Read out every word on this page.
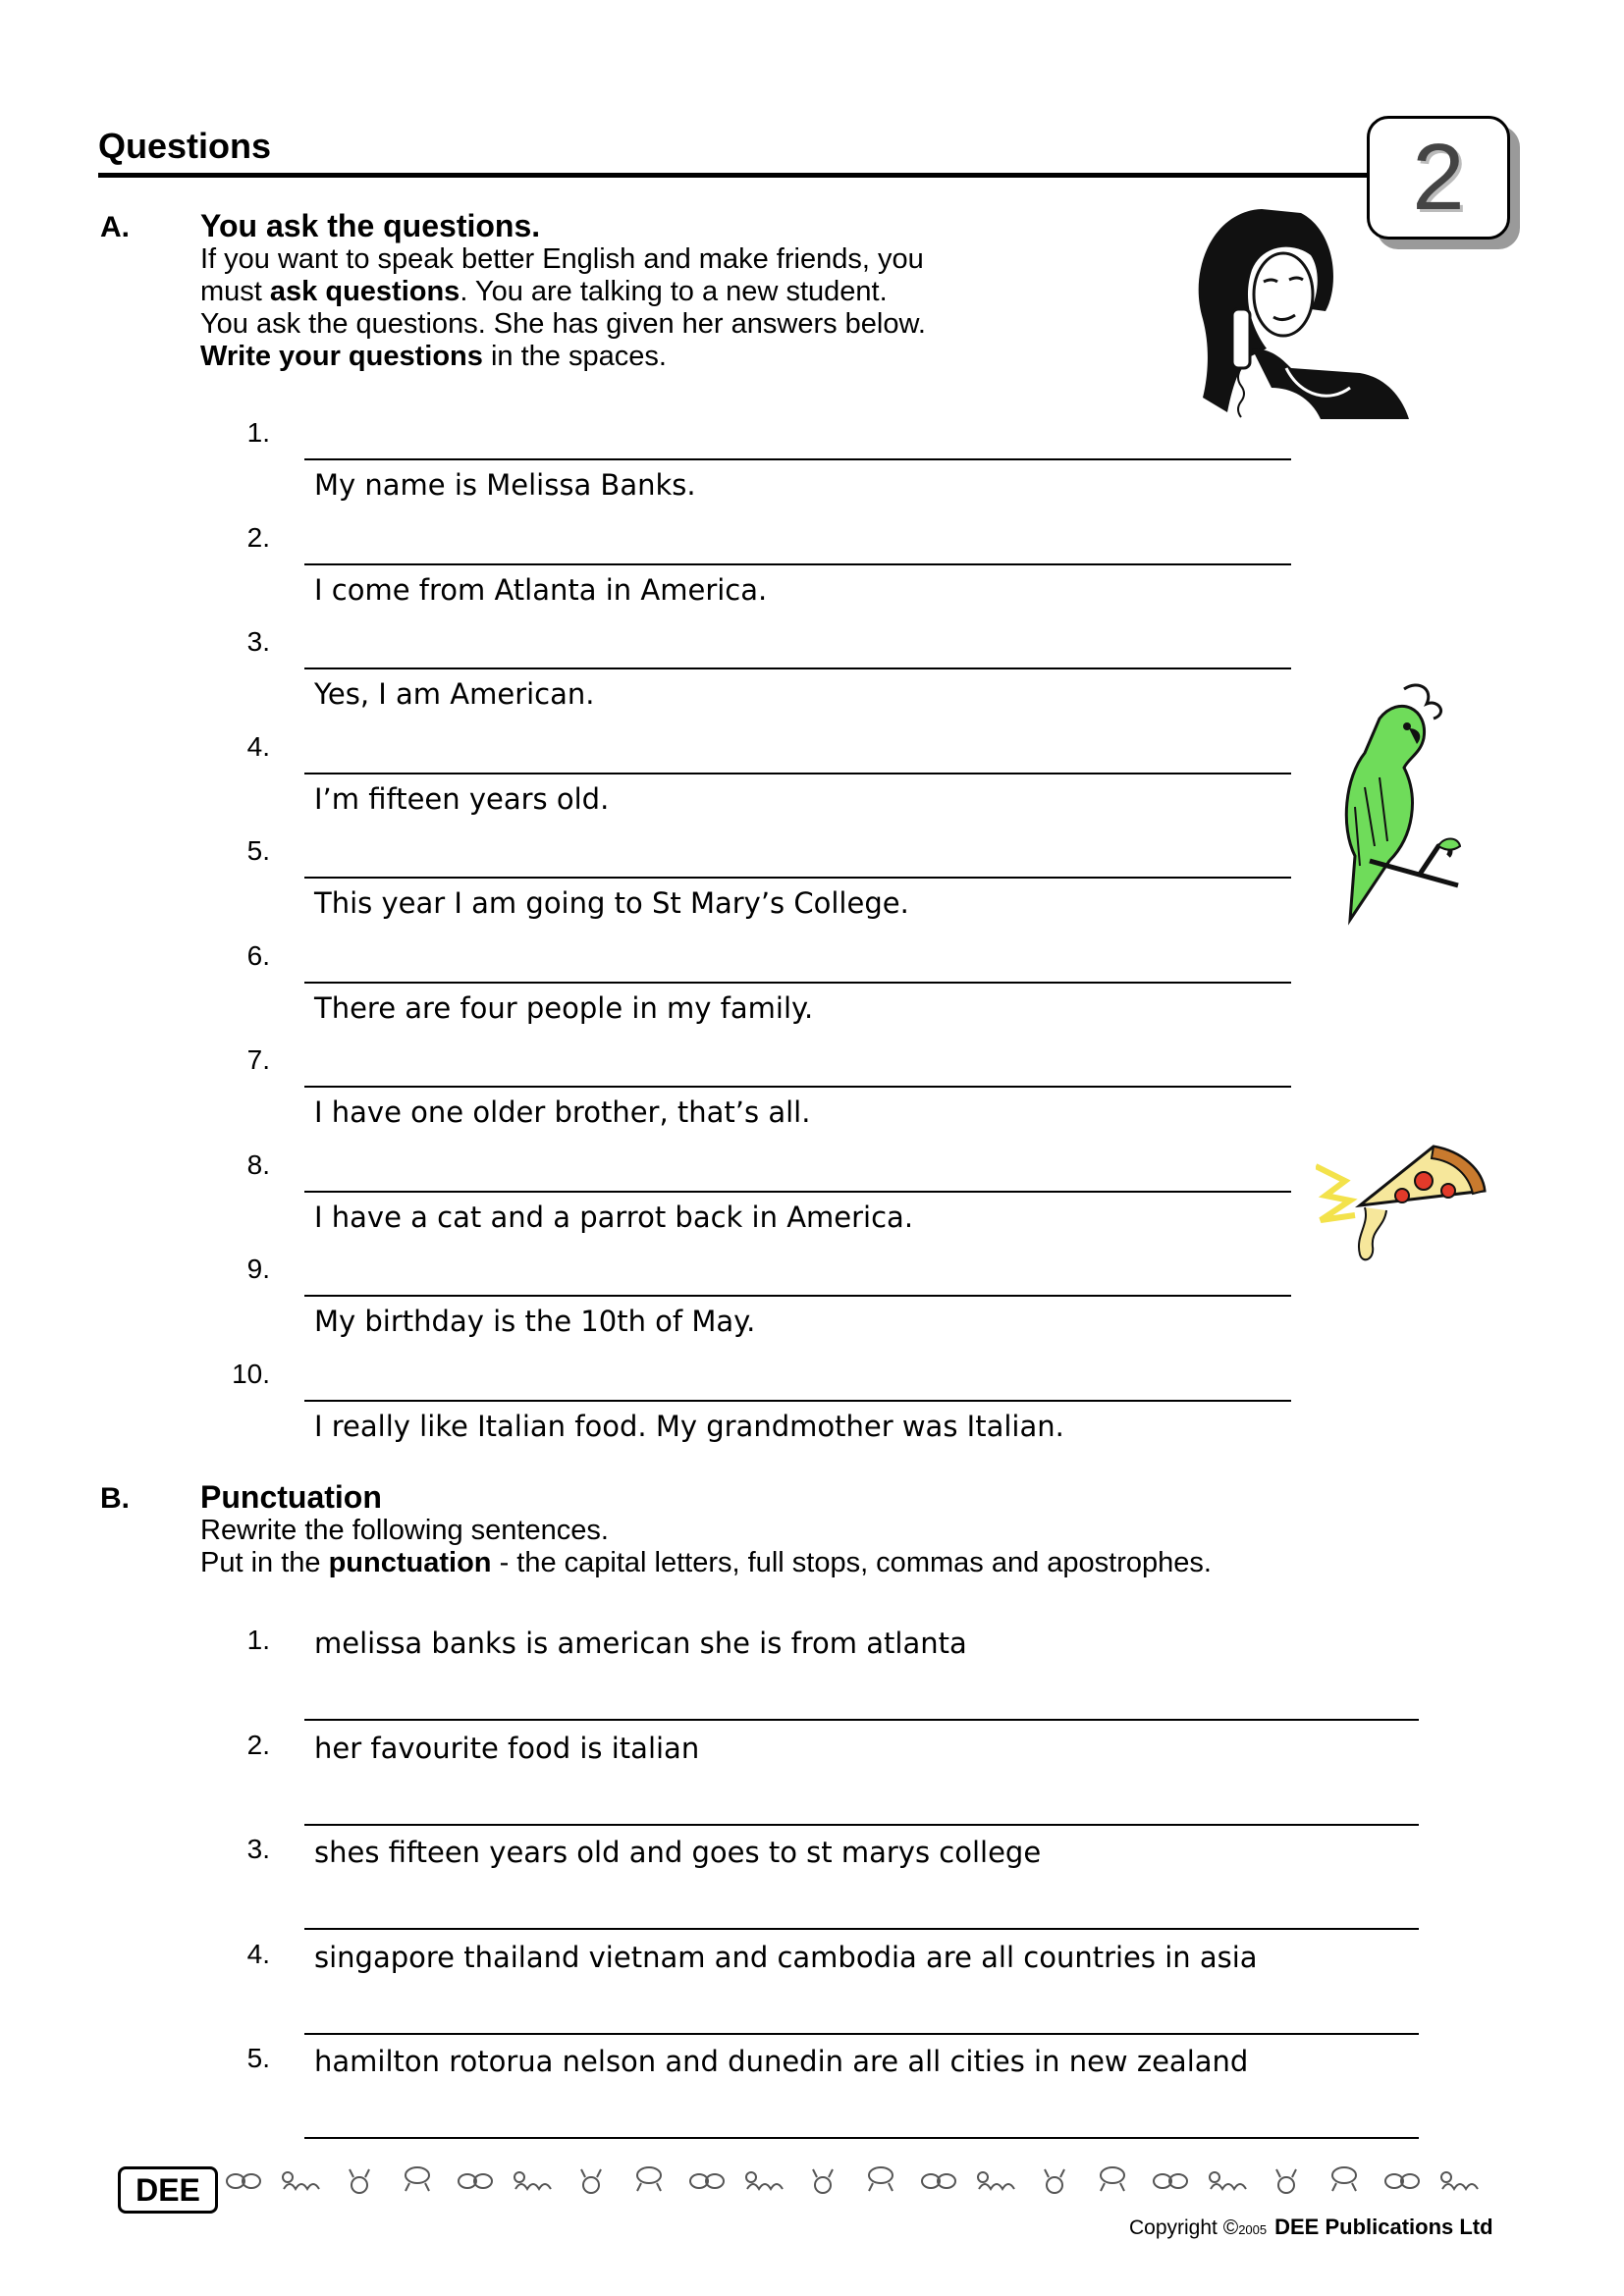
Questions	2
A. You ask the questions.
If you want to speak better English and make friends, you
must ask questions. You are talking to a new student.
You ask the questions. She has given her answers below.
Write your questions in the spaces.
1.
My name is Melissa Banks.
2.
I come from Atlanta in America.
3.
Yes, I am American.
4.
I’m fifteen years old.
5.
This year I am going to St Mary’s College.
6.
There are four people in my family.
7.
I have one older brother, that’s all.
8.
I have a cat and a parrot back in America.
9.
My birthday is the 10th of May.
10.
I really like Italian food. My grandmother was Italian.
B. Punctuation
Rewrite the following sentences.
Put in the punctuation - the capital letters, full stops, commas and apostrophes.
1. melissa banks is american she is from atlanta
2. her favourite food is italian
3. shes fifteen years old and goes to st marys college
4. singapore thailand vietnam and cambodia are all countries in asia
5. hamilton rotorua nelson and dunedin are all cities in new zealand
DEE
Copyright ©2005 DEE Publications Ltd
